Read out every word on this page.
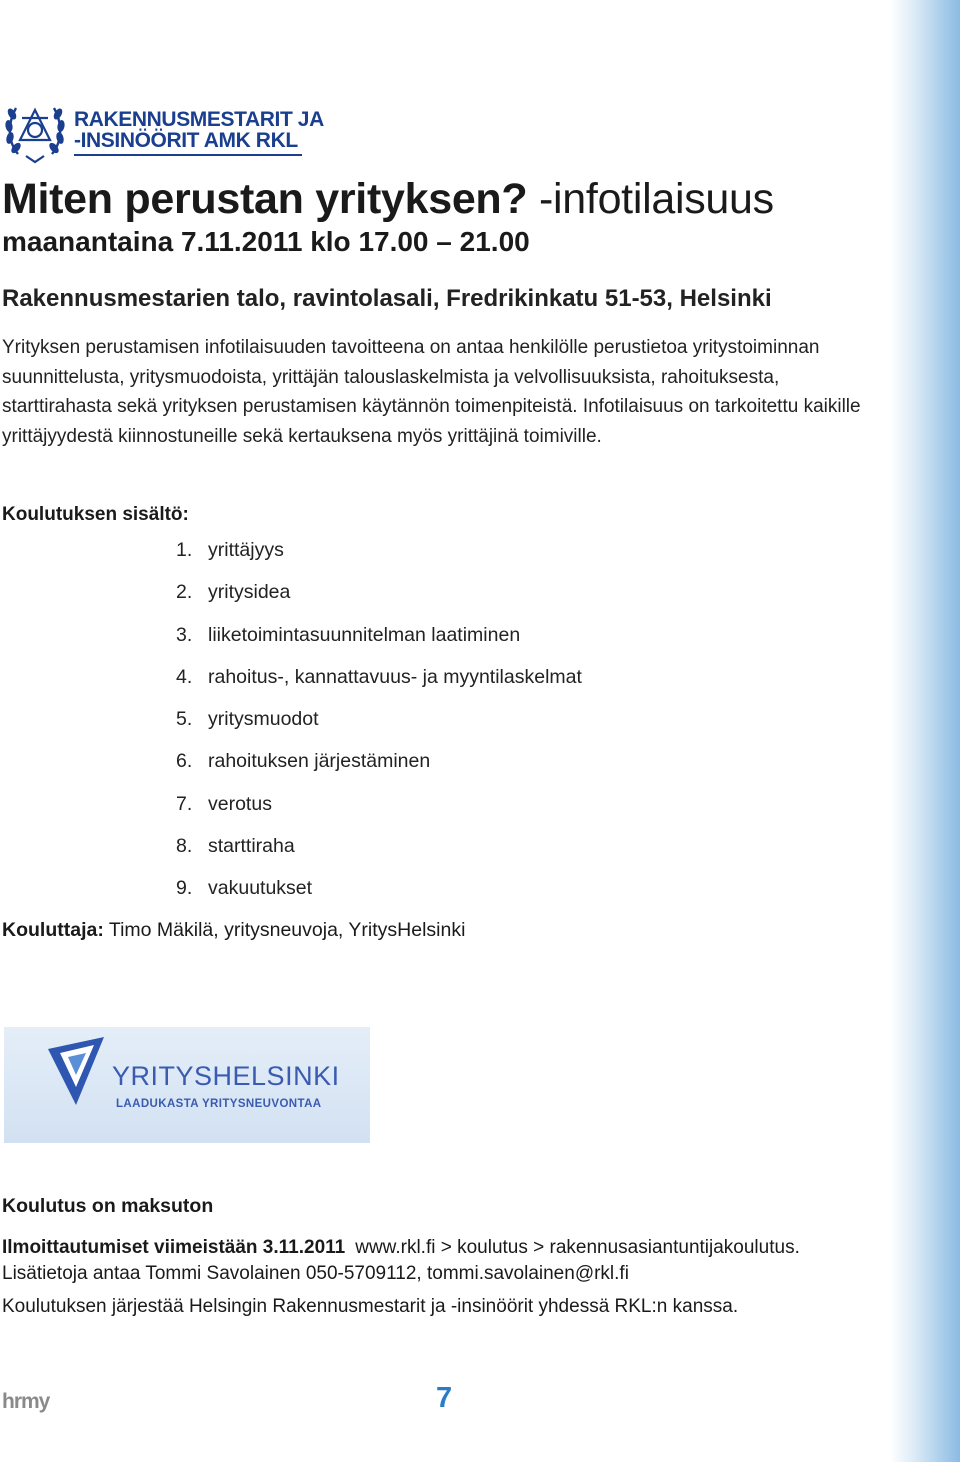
RAKENNUSMESTARIT JA
-INSINÖÖRIT AMK RKL
Miten perustan yrityksen? -infotilaisuus

maanantaina 7.11.2011 klo 17.00 – 21.00

Rakennusmestarien talo, ravintolasali, Fredrikinkatu 51-53, Helsinki

Yrityksen perustamisen infotilaisuuden tavoitteena on antaa henkilölle perustietoa yritystoiminnan suunnittelusta, yritysmuodoista, yrittäjän talouslaskelmista ja velvollisuuksista, rahoituksesta, starttirahasta sekä yrityksen perustamisen käytännön toimenpiteistä. Infotilaisuus on tarkoitettu kaikille yrittäjyydestä kiinnostuneille sekä kertauksena myös yrittäjinä toimiville.

Koulutuksen sisältö:

1. yrittäjyys
2. yritysidea
3. liiketoimintasuunnitelman laatiminen
4. rahoitus-, kannattavuus- ja myyntilaskelmat
5. yritysmuodot
6. rahoituksen järjestäminen
7. verotus
8. starttiraha
9. vakuutukset

Kouluttaja: Timo Mäkilä, yritysneuvoja, YritysHelsinki

YRITYSHELSINKI
LAADUKASTA YRITYSNEUVONTAA

Koulutus on maksuton

Ilmoittautumiset viimeistään 3.11.2011 www.rkl.fi > koulutus > rakennusasiantuntijakoulutus.

Lisätietoja antaa Tommi Savolainen 050-5709112, tommi.savolainen@rkl.fi

Koulutuksen järjestää Helsingin Rakennusmestarit ja -insinöörit yhdessä RKL:n kanssa.

hrmy	7
